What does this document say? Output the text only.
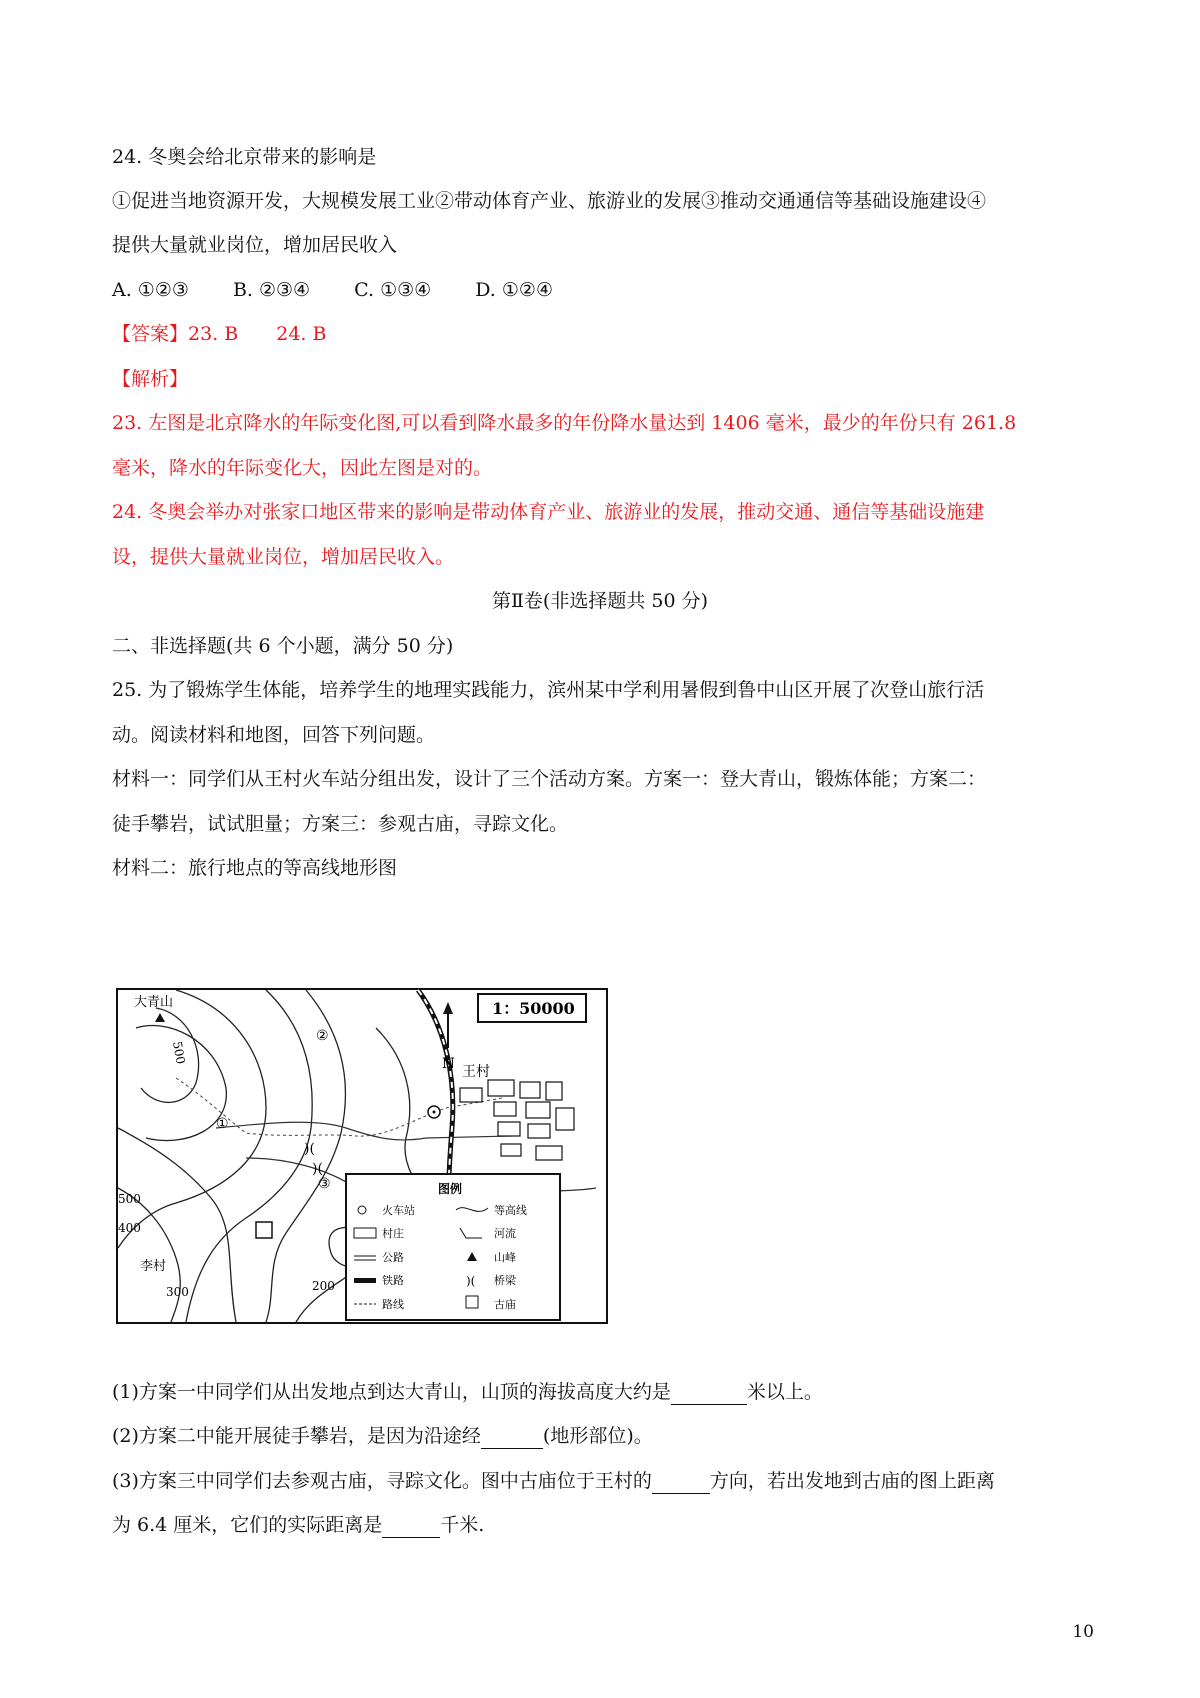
24. 冬奥会给北京带来的影响是
①促进当地资源开发，大规模发展工业②带动体育产业、旅游业的发展③推动交通通信等基础设施建设④
提供大量就业岗位，增加居民收入
A. ①②③ B. ②③④ C. ①③④ D. ①②④
【答案】23. B　　24. B
【解析】
23. 左图是北京降水的年际变化图,可以看到降水最多的年份降水量达到 1406 毫米，最少的年份只有 261.8
毫米，降水的年际变化大，因此左图是对的。
24. 冬奥会举办对张家口地区带来的影响是带动体育产业、旅游业的发展，推动交通、通信等基础设施建
设，提供大量就业岗位，增加居民收入。
第Ⅱ卷(非选择题共 50 分)
二、非选择题(共 6 个小题，满分 50 分)
25. 为了锻炼学生体能，培养学生的地理实践能力，滨州某中学利用暑假到鲁中山区开展了次登山旅行活
动。阅读材料和地图，回答下列问题。
材料一：同学们从王村火车站分组出发，设计了三个活动方案。方案一：登大青山，锻炼体能；方案二：
徒手攀岩，试试胆量；方案三：参观古庙，寻踪文化。
材料二：旅行地点的等高线地形图
N
1：50000
)(
)(
大青山
王村
李村
500
500
400
300	200
①
②
③	图例
火车站	等高线
村庄	河流
公路	山峰
铁路	)( 桥梁
路线	古庙
(1)方案一中同学们从出发地点到达大青山，山顶的海拔高度大约是	米以上。
(2)方案二中能开展徒手攀岩，是因为沿途经	(地形部位)。
(3)方案三中同学们去参观古庙，寻踪文化。图中古庙位于王村的	方向，若出发地到古庙的图上距离
为 6.4 厘米，它们的实际距离是	千米.
10
